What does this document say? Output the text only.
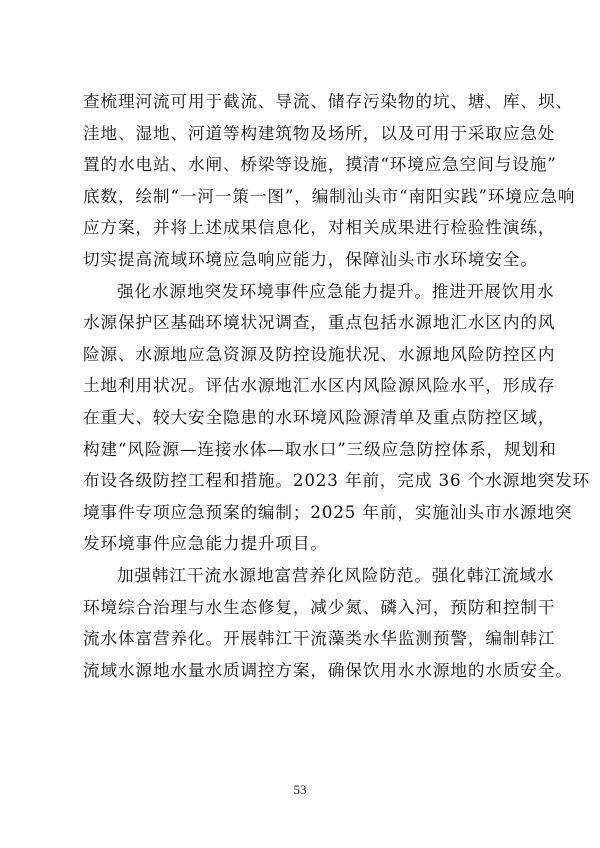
查梳理河流可用于截流、导流、储存污染物的坑、塘、库、坝、
洼地、湿地、河道等构建筑物及场所，以及可用于采取应急处
置的水电站、水闸、桥梁等设施，摸清“环境应急空间与设施”
底数，绘制“一河一策一图”，编制汕头市“南阳实践”环境应急响
应方案，并将上述成果信息化，对相关成果进行检验性演练，
切实提高流域环境应急响应能力，保障汕头市水环境安全。

强化水源地突发环境事件应急能力提升。推进开展饮用水
水源保护区基础环境状况调查，重点包括水源地汇水区内的风
险源、水源地应急资源及防控设施状况、水源地风险防控区内
土地利用状况。评估水源地汇水区内风险源风险水平，形成存
在重大、较大安全隐患的水环境风险源清单及重点防控区域，
构建“风险源—连接水体—取水口”三级应急防控体系，规划和
布设各级防控工程和措施。2023 年前，完成 36 个水源地突发环
境事件专项应急预案的编制；2025 年前，实施汕头市水源地突
发环境事件应急能力提升项目。

加强韩江干流水源地富营养化风险防范。强化韩江流域水
环境综合治理与水生态修复，减少氮、磷入河，预防和控制干
流水体富营养化。开展韩江干流藻类水华监测预警，编制韩江
流域水源地水量水质调控方案，确保饮用水水源地的水质安全。

53
